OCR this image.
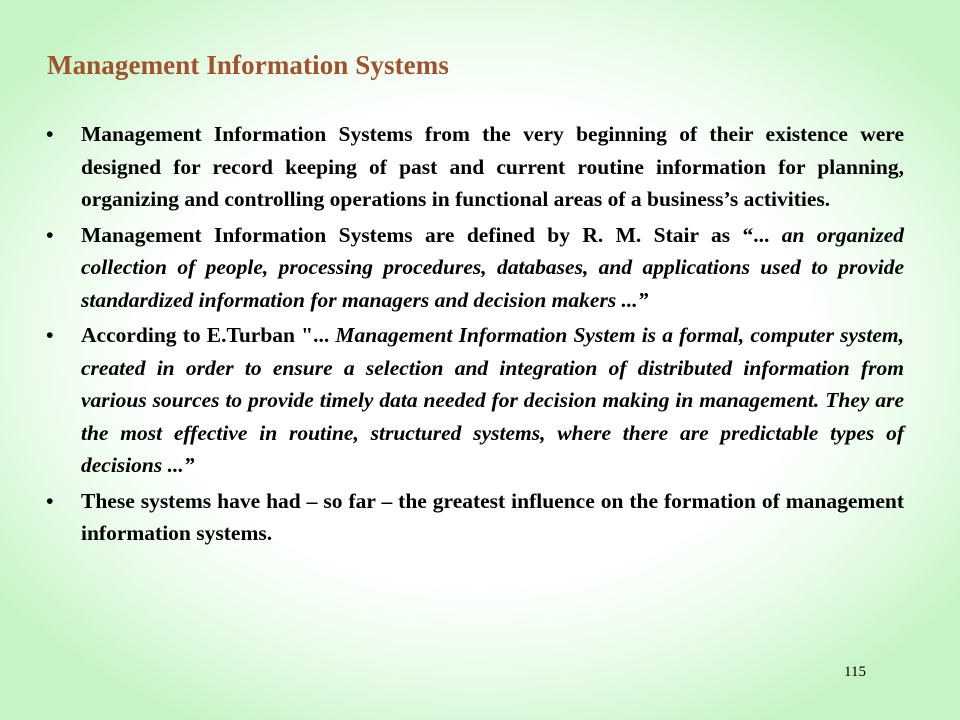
Management Information Systems
• Management Information Systems from the very beginning of their existence were designed for record keeping of past and current routine information for planning, organizing and controlling operations in functional areas of a business’s activities.
• Management Information Systems are defined by R. M. Stair as “... an organized collection of people, processing procedures, databases, and applications used to provide standardized information for managers and decision makers ...”
• According to E.Turban "... Management Information System is a formal, computer system, created in order to ensure a selection and integration of distributed information from various sources to provide timely data needed for decision making in management. They are the most effective in routine, structured systems, where there are predictable types of decisions ...”
• These systems have had – so far – the greatest influence on the formation of management information systems.
115
